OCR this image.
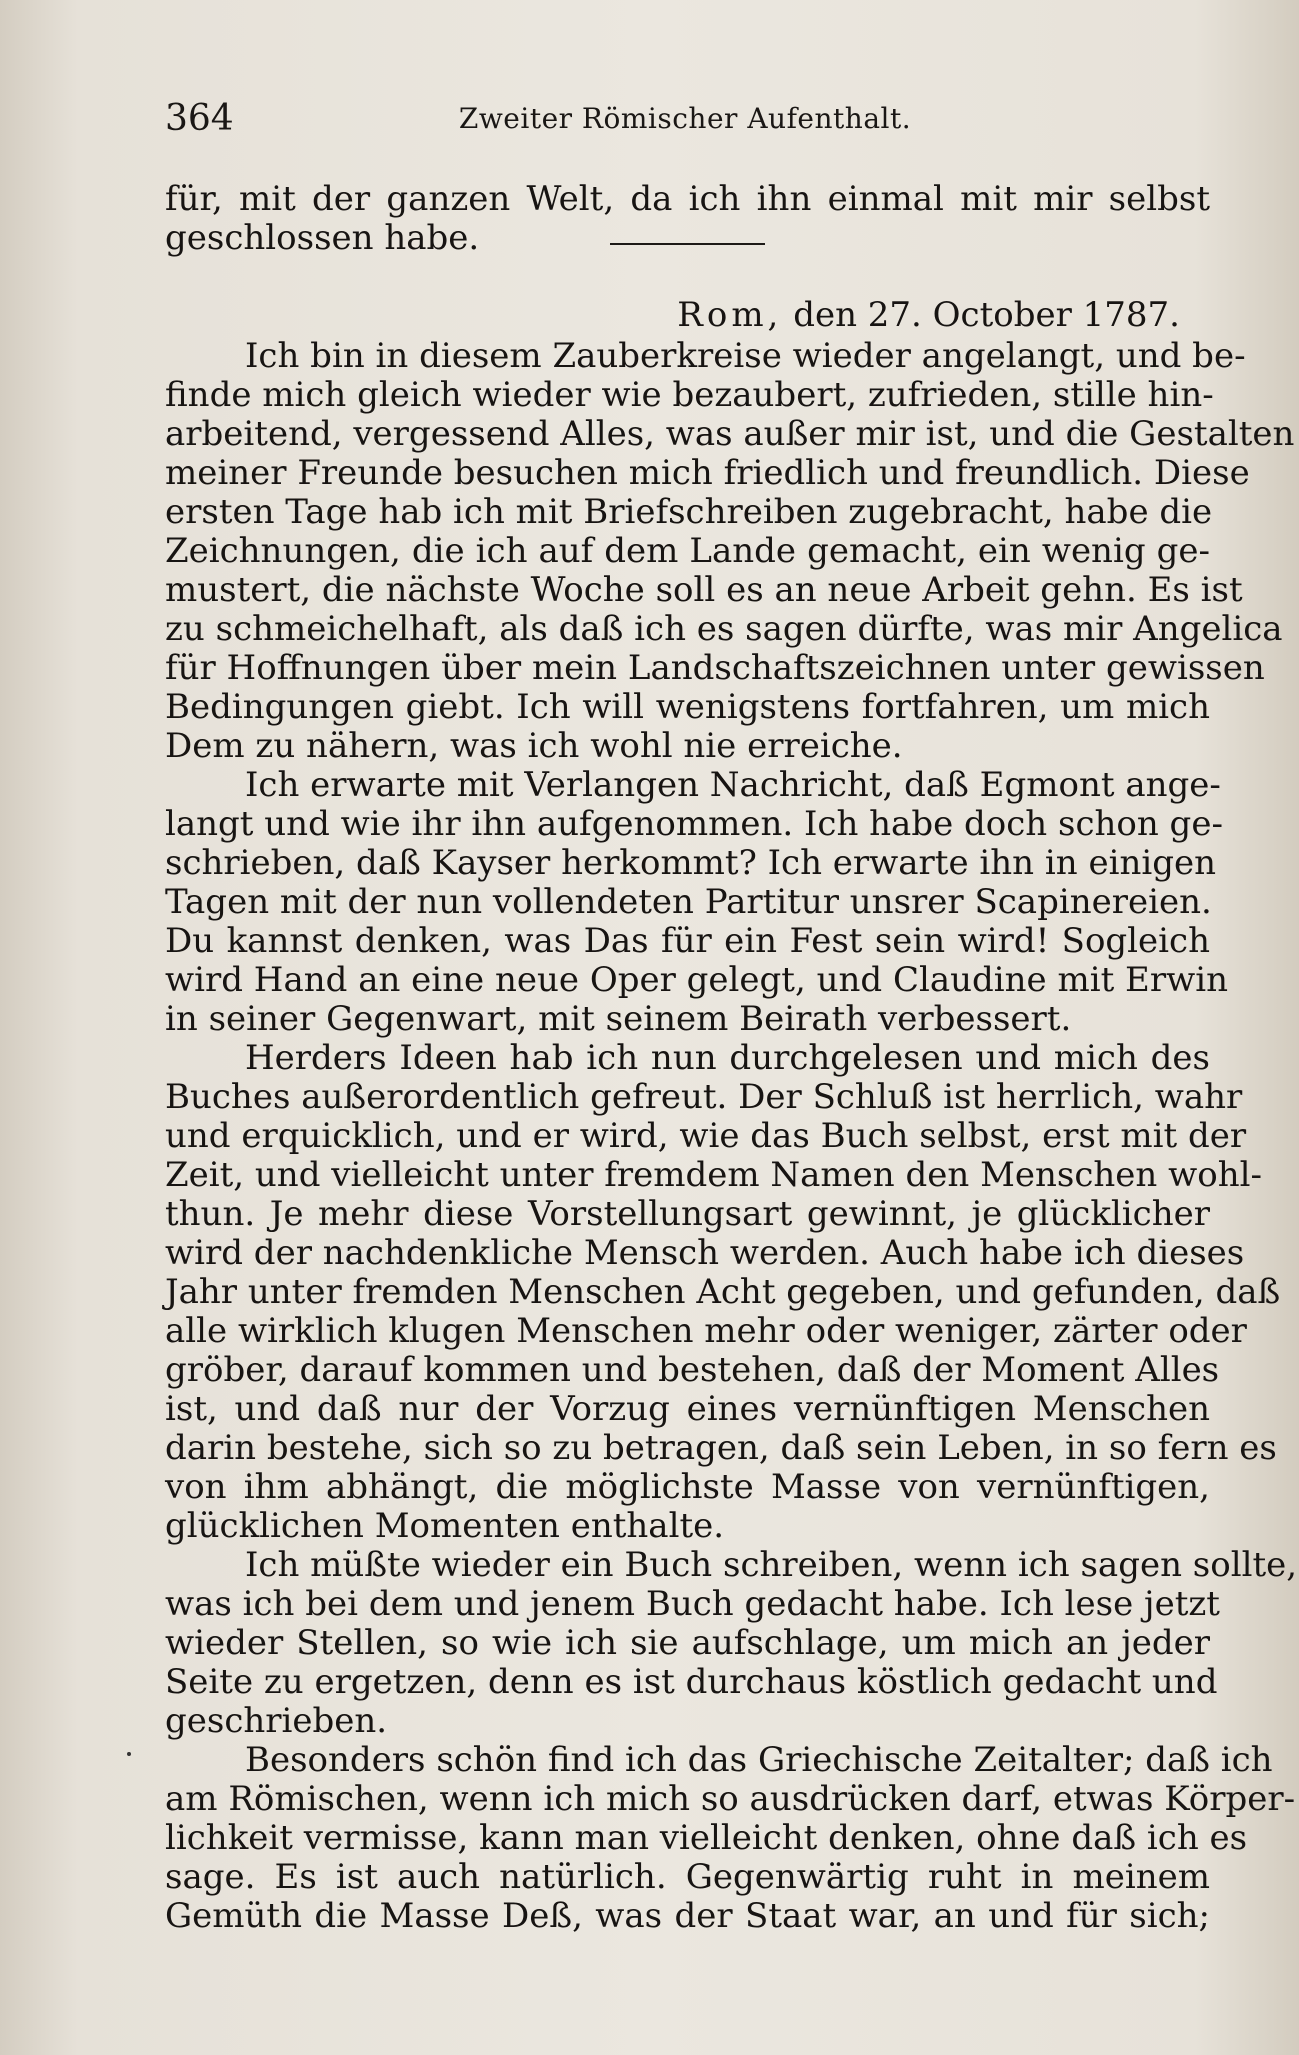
364	Zweiter Römischer Aufenthalt.
für, mit der ganzen Welt, da ich ihn einmal mit mir selbst
geschlossen habe.
Rom, den 27. October 1787.
Ich bin in diesem Zauberkreise wieder angelangt, und be-
finde mich gleich wieder wie bezaubert, zufrieden, stille hin-
arbeitend, vergessend Alles, was außer mir ist, und die Gestalten
meiner Freunde besuchen mich friedlich und freundlich. Diese
ersten Tage hab ich mit Briefschreiben zugebracht, habe die
Zeichnungen, die ich auf dem Lande gemacht, ein wenig ge-
mustert, die nächste Woche soll es an neue Arbeit gehn. Es ist
zu schmeichelhaft, als daß ich es sagen dürfte, was mir Angelica
für Hoffnungen über mein Landschaftszeichnen unter gewissen
Bedingungen giebt. Ich will wenigstens fortfahren, um mich
Dem zu nähern, was ich wohl nie erreiche.
Ich erwarte mit Verlangen Nachricht, daß Egmont ange-
langt und wie ihr ihn aufgenommen. Ich habe doch schon ge-
schrieben, daß Kayser herkommt? Ich erwarte ihn in einigen
Tagen mit der nun vollendeten Partitur unsrer Scapinereien.
Du kannst denken, was Das für ein Fest sein wird! Sogleich
wird Hand an eine neue Oper gelegt, und Claudine mit Erwin
in seiner Gegenwart, mit seinem Beirath verbessert.
Herders Ideen hab ich nun durchgelesen und mich des
Buches außerordentlich gefreut. Der Schluß ist herrlich, wahr
und erquicklich, und er wird, wie das Buch selbst, erst mit der
Zeit, und vielleicht unter fremdem Namen den Menschen wohl-
thun. Je mehr diese Vorstellungsart gewinnt, je glücklicher
wird der nachdenkliche Mensch werden. Auch habe ich dieses
Jahr unter fremden Menschen Acht gegeben, und gefunden, daß
alle wirklich klugen Menschen mehr oder weniger, zärter oder
gröber, darauf kommen und bestehen, daß der Moment Alles
ist, und daß nur der Vorzug eines vernünftigen Menschen
darin bestehe, sich so zu betragen, daß sein Leben, in so fern es
von ihm abhängt, die möglichste Masse von vernünftigen,
glücklichen Momenten enthalte.
Ich müßte wieder ein Buch schreiben, wenn ich sagen sollte,
was ich bei dem und jenem Buch gedacht habe. Ich lese jetzt
wieder Stellen, so wie ich sie aufschlage, um mich an jeder
Seite zu ergetzen, denn es ist durchaus köstlich gedacht und
geschrieben.
Besonders schön find ich das Griechische Zeitalter; daß ich
am Römischen, wenn ich mich so ausdrücken darf, etwas Körper-
lichkeit vermisse, kann man vielleicht denken, ohne daß ich es
sage. Es ist auch natürlich. Gegenwärtig ruht in meinem
Gemüth die Masse Deß, was der Staat war, an und für sich;
